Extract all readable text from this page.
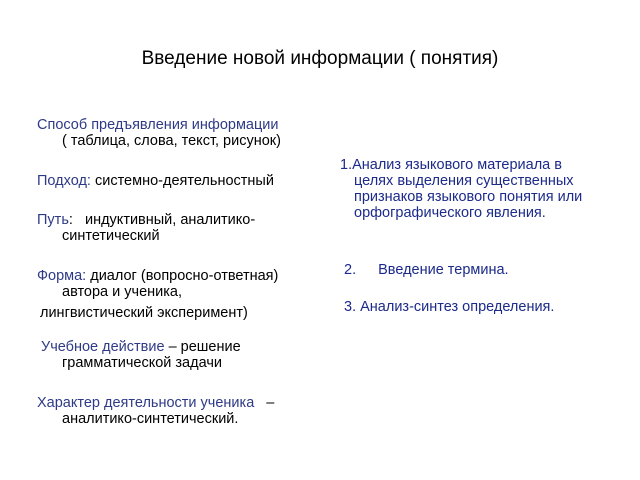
Введение новой информации ( понятия)
Способ предъявления информации
( таблица, слова, текст, рисунок)
Подход: системно-деятельностный
Путь:   индуктивный, аналитико-
синтетический
Форма: диалог (вопросно-ответная)
автора и ученика,
лингвистический эксперимент)
Учебное действие – решение
грамматической задачи
Характер деятельности ученика –
аналитико-синтетический.
1.Анализ языкового материала в
целях выделения существенных признаков языкового понятия или орфографического явления.
2. Введение термина.
3. Анализ-синтез определения.
